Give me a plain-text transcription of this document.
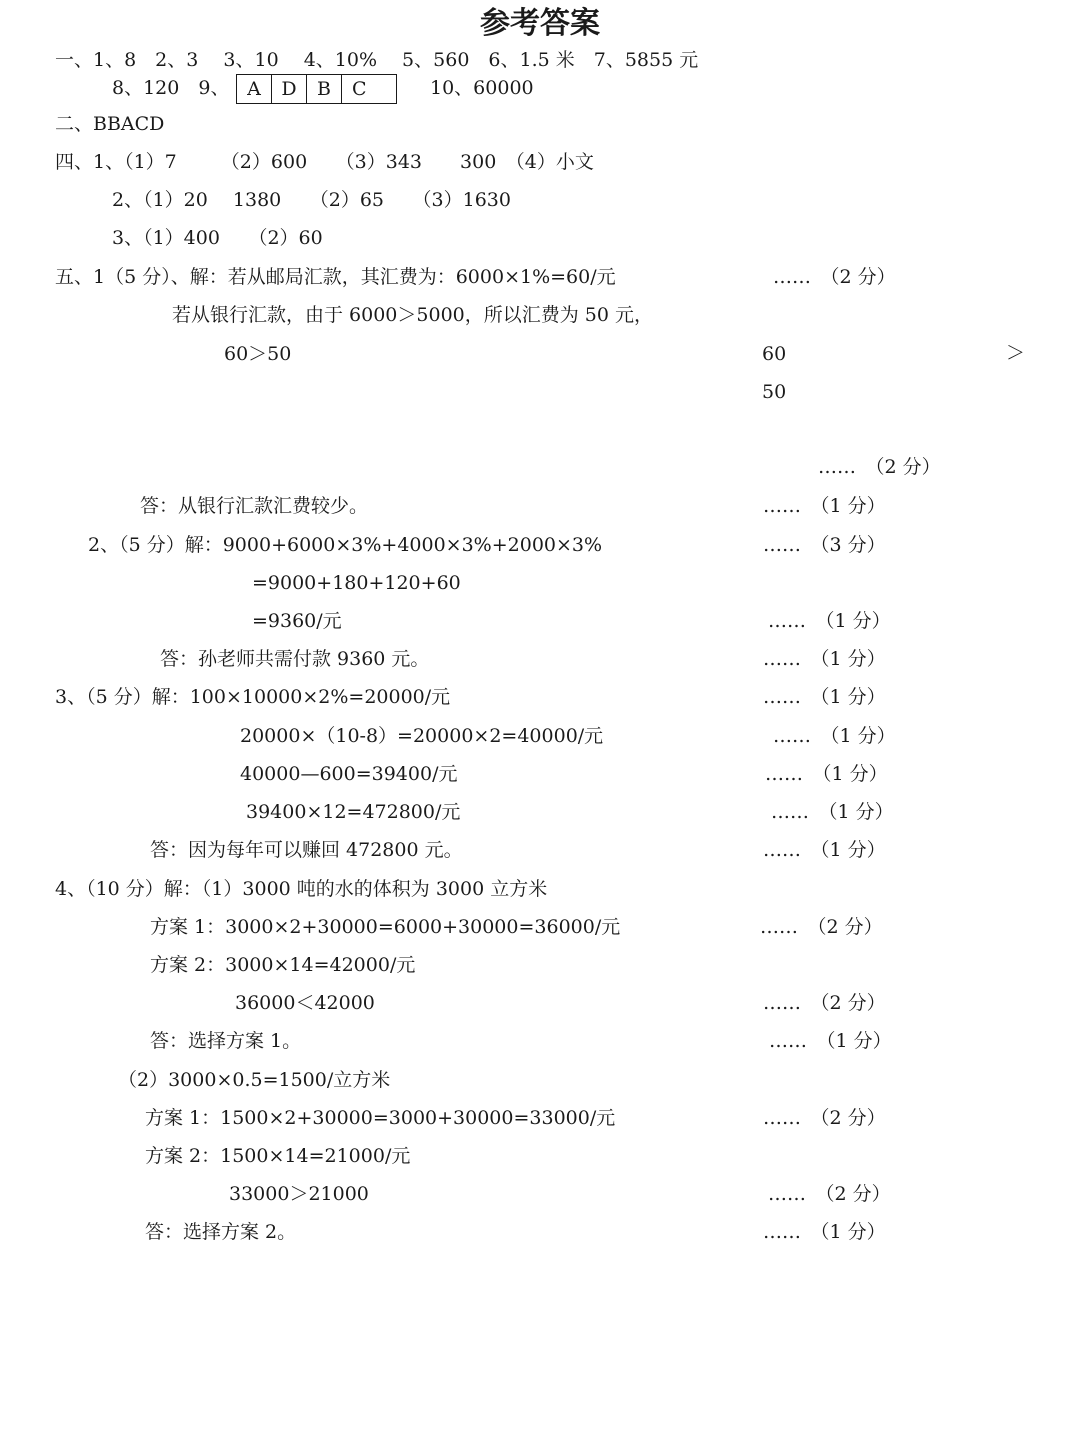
参考答案
一、1、8　2、3　 3、10　 4、10%　 5、560　6、1.5 米　7、5855 元
8、120　9、 A	D	B	C	10、60000
二、BBACD
四、1、（1）7　　 （2）600　　（3）343　　300　（4）小文
2、（1）20　 1380　　（2）65　　（3）1630
3、（1）400　　（2）60
五、1（5 分）、解：若从邮局汇款，其汇费为：6000×1%=60/元	……　（2 分）
若从银行汇款，由于 6000＞5000，所以汇费为 50 元，
60＞50	60	＞
50
……　（2 分）
答：从银行汇款汇费较少。	……　（1 分）
2、（5 分）解：9000+6000×3%+4000×3%+2000×3%	……　（3 分）
=9000+180+120+60
=9360/元	……　（1 分）
答：孙老师共需付款 9360 元。	……　（1 分）
3、（5 分）解：100×10000×2%=20000/元	……　（1 分）
20000×（10-8）=20000×2=40000/元	……　（1 分）
40000—600=39400/元	……　（1 分）
39400×12=472800/元	……　（1 分）
答：因为每年可以赚回 472800 元。	……　（1 分）
4、（10 分）解：（1）3000 吨的水的体积为 3000 立方米
方案 1：3000×2+30000=6000+30000=36000/元	……　（2 分）
方案 2：3000×14=42000/元
36000＜42000	……　（2 分）
答：选择方案 1。	……　（1 分）
（2）3000×0.5=1500/立方米
方案 1：1500×2+30000=3000+30000=33000/元	……　（2 分）
方案 2：1500×14=21000/元
33000＞21000	……　（2 分）
答：选择方案 2。	……　（1 分）
